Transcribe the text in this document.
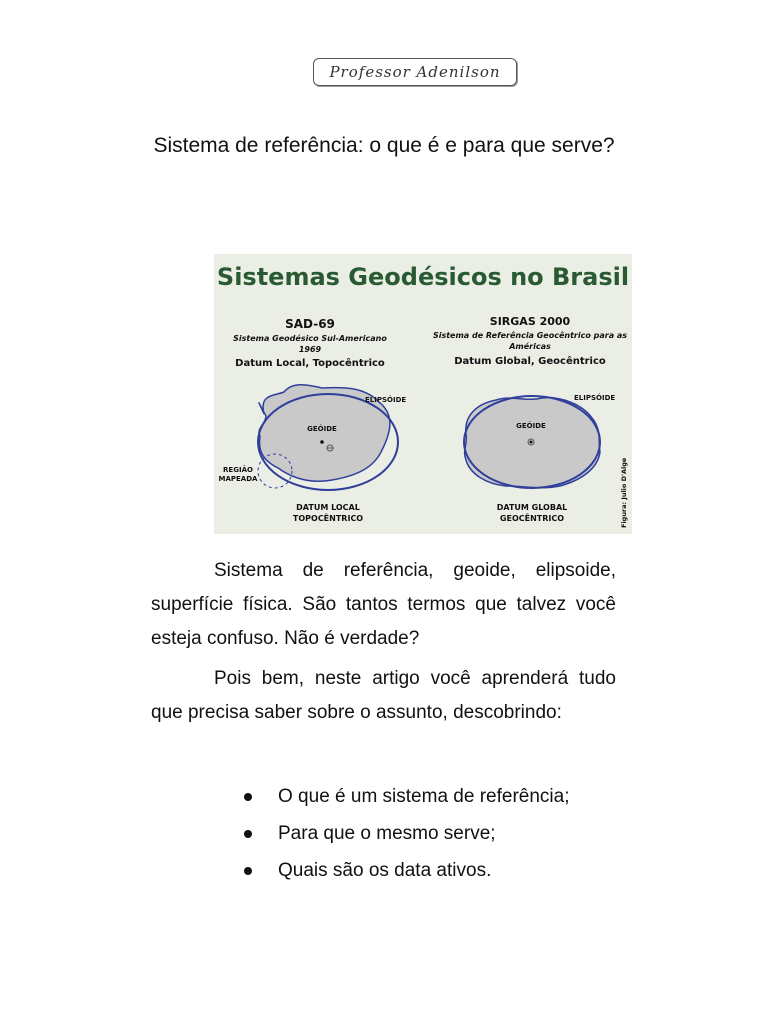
Professor Adenilson
Sistema de referência: o que é e para que serve?
Sistemas Geodésicos no Brasil
SAD-69
Sistema Geodésico Sul-Americano
1969
Datum Local, Topocêntrico
SIRGAS 2000
Sistema de Referência Geocêntrico para as
Américas
Datum Global, Geocêntrico
ELIPSÓIDE
GEÓIDE
REGIÃO
MAPEADA
DATUM LOCAL
TOPOCÊNTRICO
ELIPSÓIDE
GEÓIDE
DATUM GLOBAL
GEOCÊNTRICO	Figura: Julio D'Alge

Sistema de referência, geoide, elipsoide, superfície física. São tantos termos que talvez você esteja confuso. Não é verdade?

Pois bem, neste artigo você aprenderá tudo que precisa saber sobre o assunto, descobrindo:

O que é um sistema de referência;
Para que o mesmo serve;
Quais são os data ativos.
